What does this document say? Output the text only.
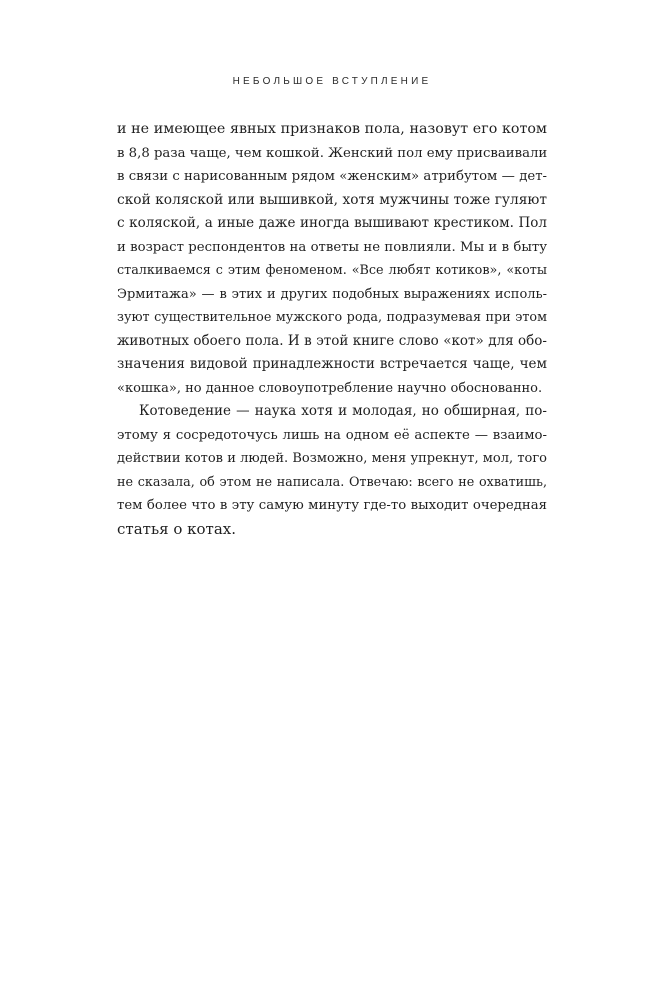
НЕБОЛЬШОЕ ВСТУПЛЕНИЕ
и не имеющее явных признаков пола, назовут его котом
в 8,8 раза чаще, чем кошкой. Женский пол ему присваивали
в связи с нарисованным рядом «женским» атрибутом — дет-
ской коляской или вышивкой, хотя мужчины тоже гуляют
с коляской, а иные даже иногда вышивают крестиком. Пол
и возраст респондентов на ответы не повлияли. Мы и в быту
сталкиваемся с этим феноменом. «Все любят котиков», «коты
Эрмитажа» — в этих и других подобных выражениях исполь-
зуют существительное мужского рода, подразумевая при этом
животных обоего пола. И в этой книге слово «кот» для обо-
значения видовой принадлежности встречается чаще, чем
«кошка», но данное словоупотребление научно обоснованно.
Котоведение — наука хотя и молодая, но обширная, по-
этому я сосредоточусь лишь на одном её аспекте — взаимо-
действии котов и людей. Возможно, меня упрекнут, мол, того
не сказала, об этом не написала. Отвечаю: всего не охватишь,
тем более что в эту самую минуту где-то выходит очередная
статья о котах.
